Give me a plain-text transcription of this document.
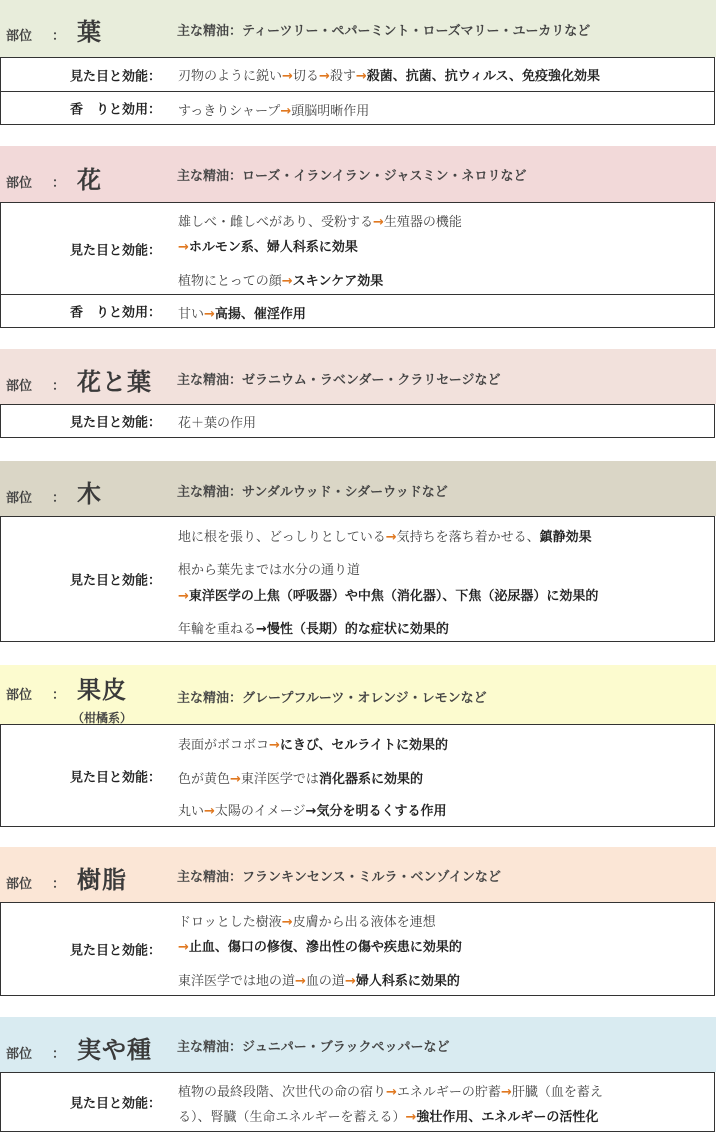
部位 ： 葉	主な精油：ティーツリー・ペパーミント・ローズマリー・ユーカリなど
見た目と効能： 刃物のように鋭い→切る→殺す→殺菌、抗菌、抗ウィルス、免疫強化効果
香　りと効用： すっきりシャープ→頭脳明晰作用
部位 ： 花	主な精油：ローズ・イランイラン・ジャスミン・ネロリなど
見た目と効能：
雄しべ・雌しべがあり、受粉する→生殖器の機能
→ホルモン系、婦人科系に効果
植物にとっての顔→スキンケア効果
香　りと効用： 甘い→高揚、催淫作用
部位 ： 花と葉 主な精油：ゼラニウム・ラベンダー・クラリセージなど
見た目と効能： 花＋葉の作用
部位 ： 木	主な精油：サンダルウッド・シダーウッドなど
見た目と効能：
地に根を張り、どっしりとしている→気持ちを落ち着かせる、鎮静効果
根から葉先までは水分の通り道
→東洋医学の上焦（呼吸器）や中焦（消化器）、下焦（泌尿器）に効果的
年輪を重ねる→慢性（長期）的な症状に効果的
部位 ： 果皮
（柑橘系）
主な精油：グレープフルーツ・オレンジ・レモンなど
見た目と効能：
表面がボコボコ→にきび、セルライトに効果的
色が黄色→東洋医学では消化器系に効果的
丸い→太陽のイメージ→気分を明るくする作用
部位 ： 樹脂	主な精油：フランキンセンス・ミルラ・ベンゾインなど
見た目と効能：
ドロッとした樹液→皮膚から出る液体を連想
→止血、傷口の修復、滲出性の傷や疾患に効果的
東洋医学では地の道→血の道→婦人科系に効果的
部位 ： 実や種 主な精油：ジュニパー・ブラックペッパーなど
見た目と効能：
植物の最終段階、次世代の命の宿り→エネルギーの貯蓄→肝臓（血を蓄え
る）、腎臓（生命エネルギーを蓄える）→強壮作用、エネルギーの活性化
